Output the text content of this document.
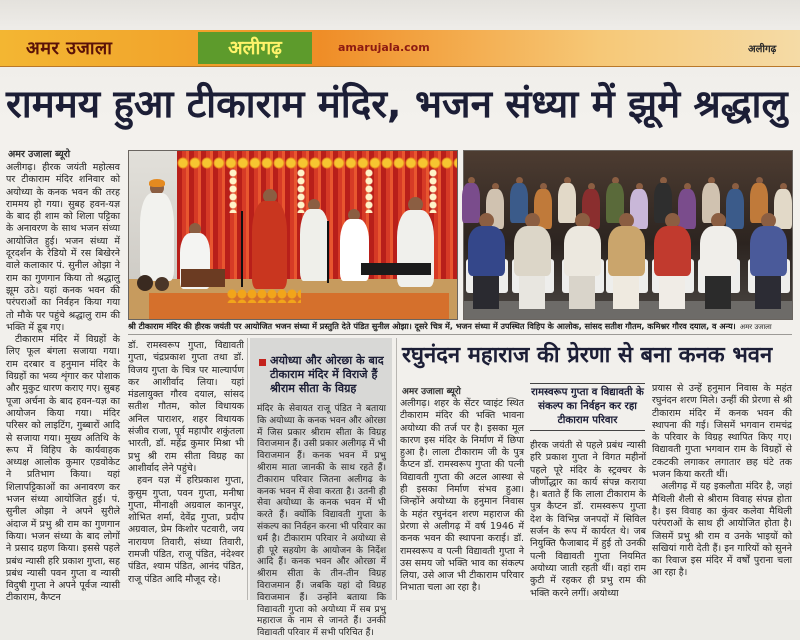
अमर उजाला	अलीगढ़	amarujala.com	अलीगढ़
राममय हुआ टीकाराम मंदिर, भजन संध्या में झूमे श्रद्धालु
अमर उजाला ब्यूरो

अलीगढ़। हीरक जयंती महोत्सव पर टीकाराम मंदिर शनिवार को अयोध्या के कनक भवन की तरह राममय हो गया। सुबह हवन-यज्ञ के बाद ही शाम को शिला पट्टिका के अनावरण के साथ भजन संध्या आयोजित हुई। भजन संध्या में दूरदर्शन के रेडियो में रस बिखेरने वाले कलाकार पं. सुनील ओझा ने राम का गुणगान किया तो श्रद्धालु झूम उठे। यहां कनक भवन की परंपराओं का निर्वहन किया गया तो मौके पर पहुंचे श्रद्धालु राम की भक्ति में डूब गए।

टीकाराम मंदिर में विग्रहों के लिए फूल बंगला सजाया गया। राम दरबार व हनुमान मंदिर के विग्रहों का भव्य शृंगार कर पोशाक और मुकुट धारण कराए गए। सुबह पूजा अर्चना के बाद हवन-यज्ञ का आयोजन किया गया। मंदिर परिसर को लाइटिंग, गुब्बारों आदि से सजाया गया। मुख्य अतिथि के रूप में विहिप के कार्यवाहक अध्यक्ष आलोक कुमार एडवोकेट ने प्रतिभाग किया। यहां शिलापट्टिकाओं का अनावरण कर भजन संध्या आयोजित हुई। पं. सुनील ओझा ने अपने सुरीले अंदाज में प्रभु श्री राम का गुणगान किया। भजन संध्या के बाद लोगों ने प्रसाद ग्रहण किया। इससे पहले प्रबंध न्यासी हरि प्रकाश गुप्ता, सह प्रबंध न्यासी पवन गुप्ता व न्यासी विदुषी गुप्ता ने अपने पूर्वज न्यासी टीकाराम, कैप्टन

श्री टीकाराम मंदिर की हीरक जयंती पर आयोजित भजन संध्या में प्रस्तुति देते पंडित सुनील ओझा। दूसरे चित्र में, भजन संध्या में उपस्थित विहिप के आलोक, सांसद सतीश गौतम, कमिश्नर गौरव दयाल, व अन्य। अमर उजाला

डॉ. रामस्वरूप गुप्ता, विद्यावती गुप्ता, चंद्रप्रकाश गुप्ता तथा डॉ. विजय गुप्ता के चित्र पर माल्यार्पण कर आशीर्वाद लिया। यहां मंडलायुक्त गौरव दयाल, सांसद सतीश गौतम, कोल विधायक अनिल पाराशर, शहर विधायक संजीव राजा, पूर्व महापौर शकुंतला भारती, डॉ. महेंद्र कुमार मिश्रा भी प्रभु श्री राम सीता विग्रह का आशीर्वाद लेने पहुंचे।

हवन यज्ञ में हरिप्रकाश गुप्ता, कुसुम गुप्ता, पवन गुप्ता, मनीषा गुप्ता, मीनाक्षी अग्रवाल कानपुर, शोभित शर्मा, देवेंद्र गुप्ता, प्रदीप अग्रवाल, प्रेम किशोर पटवारी, जय नारायण तिवारी, संध्या तिवारी, रामजी पंडित, राजू पंडित, नंदेश्वर पंडित, श्याम पंडित, आनंद पंडित, राजू पंडित आदि मौजूद रहे।

अयोध्या और ओरछा के बाद टीकाराम मंदिर में विराजे हैं श्रीराम सीता के विग्रह

मंदिर के सेवायत राजू पंडित ने बताया कि अयोध्या के कनक भवन और ओरछा में जिस प्रकार श्रीराम सीता के विग्रह विराजमान हैं। उसी प्रकार अलीगढ़ में भी विराजमान हैं। कनक भवन में प्रभु श्रीराम माता जानकी के साथ रहते हैं। टीकाराम परिवार जितना अलीगढ़ के कनक भवन में सेवा करता है। उतनी ही सेवा अयोध्या के कनक भवन में भी करते हैं। क्योंकि विद्यावती गुप्ता के संकल्प का निर्वहन करना भी परिवार का धर्म है। टीकाराम परिवार ने अयोध्या से ही पूरे सहयोग के आयोजन के निर्देश आदि हैं। कनक भवन और ओरछा में श्रीराम सीता के तीन-तीन विग्रह विराजमान हैं। जबकि यहां दो विग्रह विराजमान हैं। उन्होंने बताया कि विद्यावती गुप्ता को अयोध्या में सब प्रभु महाराज के नाम से जानते हैं। उनकी विद्यावती परिवार में सभी परिचित हैं।

रघुनंदन महाराज की प्रेरणा से बना कनक भवन
अमर उजाला ब्यूरो

अलीगढ़। शहर के सेंटर प्वाइंट स्थित टीकाराम मंदिर की भक्ति भावना अयोध्या की तर्ज पर है। इसका मूल कारण इस मंदिर के निर्माण में छिपा हुआ है। लाला टीकाराम जी के पुत्र कैप्टन डॉ. रामस्वरूप गुप्ता की पत्नी विद्यावती गुप्ता की अटल आस्था से ही इसका निर्माण संभव हुआ। जिन्होंने अयोध्या के हनुमान निवास के महंत रघुनंदन शरण महाराज की प्रेरणा से अलीगढ़ में वर्ष 1946 में कनक भवन की स्थापना कराई। डॉ. रामस्वरूप व पत्नी विद्यावती गुप्ता ने उस समय जो भक्ति भाव का संकल्प लिया, उसे आज भी टीकाराम परिवार निभाता चला आ रहा है।

रामस्वरूप गुप्ता व विद्यावती के संकल्प का निर्वहन कर रहा टीकाराम परिवार

हीरक जयंती से पहले प्रबंध न्यासी हरि प्रकाश गुप्ता ने विगत महीनों पहले पूरे मंदिर के स्ट्रक्चर के जीर्णोद्धार का कार्य संपन्न कराया है। बताते हैं कि लाला टीकाराम के पुत्र कैप्टन डॉ. रामस्वरूप गुप्ता देश के विभिन्न जनपदों में सिविल सर्जन के रूप में कार्यरत थे। जब नियुक्ति फैजाबाद में हुई तो उनकी पत्नी विद्यावती गुप्ता नियमित अयोध्या जाती रहती थीं। वहां राम कुटी में रहकर ही प्रभु राम की भक्ति करने लगीं। अयोध्या

प्रयास से उन्हें हनुमान निवास के महंत रघुनंदन शरण मिले। उन्हीं की प्रेरणा से श्री टीकाराम मंदिर में कनक भवन की स्थापना की गई। जिसमें भगवान रामचंद्र के परिवार के विग्रह स्थापित किए गए। विद्यावती गुप्ता भगवान राम के विग्रहों से टकटकी लगाकर लगातार छह घंटे तक भजन किया करती थीं।

अलीगढ़ में यह इकलौता मंदिर है, जहां मैथिली शैली से श्रीराम विवाह संपन्न होता है। इस विवाह का कुंवर कलेवा मैथिली परंपराओं के साथ ही आयोजित होता है। जिसमें प्रभु श्री राम व उनके भाइयों को सखियां गारी देती हैं। इन गारियों को सुनने का रिवाज इस मंदिर में वर्षों पुराना चला आ रहा है।
